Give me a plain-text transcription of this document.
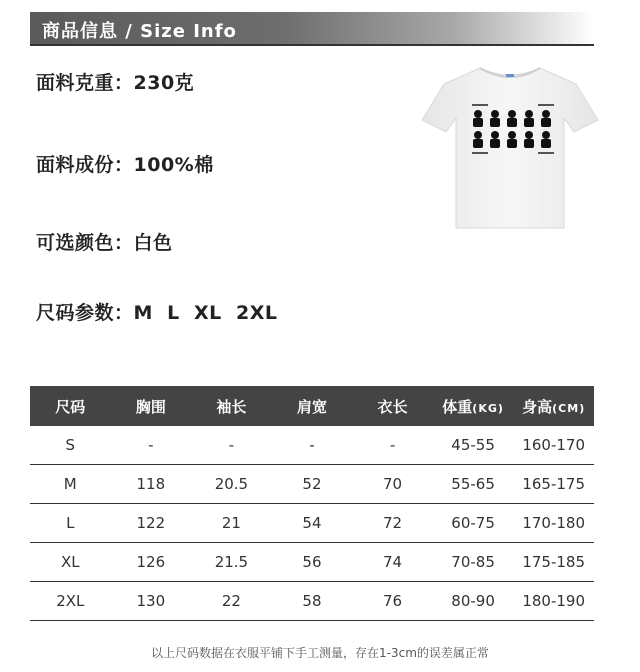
商品信息 / Size Info
面料克重：230克
面料成份：100%棉
可选颜色：白色
尺码参数：M  L  XL  2XL
尺码	胸围	袖长	肩宽	衣长	体重(KG)	身高(CM)
S	-	-	-	-	45-55	160-170
M	118	20.5	52	70	55-65	165-175
L	122	21	54	72	60-75	170-180
XL	126	21.5	56	74	70-85	175-185
2XL	130	22	58	76	80-90	180-190
以上尺码数据在衣服平铺下手工测量，存在1-3cm的误差属正常
